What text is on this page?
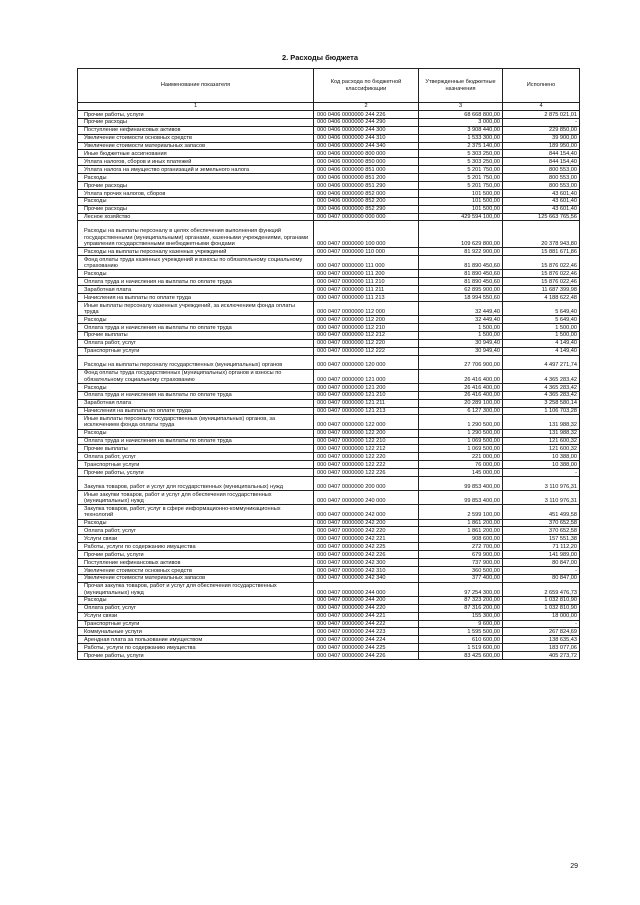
2. Расходы бюджета
Наименование показателя	Код расхода по бюджетной классификации	Утвержденные бюджетные назначения	Исполнено
1	2	3	4
Прочие работы, услуги	000 0406 0000000 244 226	68 668 800,00	2 875 021,01
Прочие расходы	000 0406 0000000 244 290	3 000,00	-
Поступление нефинансовых активов	000 0406 0000000 244 300	3 908 440,00	229 850,00
Увеличение стоимости основных средств	000 0406 0000000 244 310	1 533 300,00	39 900,00
Увеличение стоимости материальных запасов	000 0406 0000000 244 340	2 375 140,00	189 950,00
Иные бюджетные ассигнования	000 0406 0000000 800 000	5 303 250,00	844 154,40
Уплата налогов, сборов и иных платежей	000 0406 0000000 850 000	5 303 250,00	844 154,40
Уплата налога на имущество организаций и земельного налога	000 0406 0000000 851 000	5 201 750,00	800 553,00
Расходы	000 0406 0000000 851 200	5 201 750,00	800 553,00
Прочие расходы	000 0406 0000000 851 290	5 201 750,00	800 553,00
Уплата прочих налогов, сборов	000 0406 0000000 852 000	101 500,00	43 601,40
Расходы	000 0406 0000000 852 200	101 500,00	43 601,40
Прочие расходы	000 0406 0000000 852 290	101 500,00	43 601,40
Лесное хозяйство	000 0407 0000000 000 000	429 594 100,00	125 663 765,56
Расходы на выплаты персоналу в целях обеспечения выполнения функций государственными (муниципальными) органами, казенными учреждениями, органами управления государственными внебюджетными фондами	000 0407 0000000 100 000	109 629 800,00	20 378 943,80
Расходы на выплаты персоналу казенных учреждений	000 0407 0000000 110 000	81 922 900,00	15 881 671,86
Фонд оплаты труда казенных учреждений и взносы по обязательному социальному страхованию	000 0407 0000000 111 000	81 890 450,60	15 876 022,46
Расходы	000 0407 0000000 111 200	81 890 450,60	15 876 022,46
Оплата труда и начисления на выплаты по оплате труда	000 0407 0000000 111 210	81 890 450,60	15 876 022,46
Заработная плата	000 0407 0000000 111 211	62 895 900,00	11 687 399,98
Начисления на выплаты по оплате труда	000 0407 0000000 111 213	18 994 550,60	4 188 622,48
Иные выплаты персоналу казенных учреждений, за исключением фонда оплаты труда	000 0407 0000000 112 000	32 449,40	5 649,40
Расходы	000 0407 0000000 112 200	32 449,40	5 649,40
Оплата труда и начисления на выплаты по оплате труда	000 0407 0000000 112 210	1 500,00	1 500,00
Прочие выплаты	000 0407 0000000 112 212	1 500,00	1 500,00
Оплата работ, услуг	000 0407 0000000 112 220	30 949,40	4 149,40
Транспортные услуги	000 0407 0000000 112 222	30 949,40	4 149,40
Расходы на выплаты персоналу государственных (муниципальных) органов	000 0407 0000000 120 000	27 706 900,00	4 497 271,74
Фонд оплаты труда государственных (муниципальных) органов и взносы по обязательному социальному страхованию	000 0407 0000000 121 000	26 416 400,00	4 365 283,42
Расходы	000 0407 0000000 121 200	26 416 400,00	4 365 283,42
Оплата труда и начисления на выплаты по оплате труда	000 0407 0000000 121 210	26 416 400,00	4 365 283,42
Заработная плата	000 0407 0000000 121 211	20 289 100,00	3 258 580,14
Начисления на выплаты по оплате труда	000 0407 0000000 121 213	6 127 300,00	1 106 703,28
Иные выплаты персоналу государственных (муниципальных) органов, за исключением фонда оплаты труда	000 0407 0000000 122 000	1 290 500,00	131 988,32
Расходы	000 0407 0000000 122 200	1 290 500,00	131 988,32
Оплата труда и начисления на выплаты по оплате труда	000 0407 0000000 122 210	1 069 500,00	121 600,32
Прочие выплаты	000 0407 0000000 122 212	1 069 500,00	121 600,32
Оплата работ, услуг	000 0407 0000000 122 220	221 000,00	10 388,00
Транспортные услуги	000 0407 0000000 122 222	76 000,00	10 388,00
Прочие работы, услуги	000 0407 0000000 122 226	145 000,00	-
Закупка товаров, работ и услуг для государственных (муниципальных) нужд	000 0407 0000000 200 000	99 853 400,00	3 110 976,31
Иные закупки товаров, работ и услуг для обеспечения государственных (муниципальных) нужд	000 0407 0000000 240 000	99 853 400,00	3 110 976,31
Закупка товаров, работ, услуг в сфере информационно-коммуникационных технологий	000 0407 0000000 242 000	2 599 100,00	451 499,58
Расходы	000 0407 0000000 242 200	1 861 200,00	370 652,58
Оплата работ, услуг	000 0407 0000000 242 220	1 861 200,00	370 652,58
Услуги связи	000 0407 0000000 242 221	908 600,00	157 551,38
Работы, услуги по содержанию имущества	000 0407 0000000 242 225	272 700,00	71 112,20
Прочие работы, услуги	000 0407 0000000 242 226	679 900,00	141 989,00
Поступление нефинансовых активов	000 0407 0000000 242 300	737 900,00	80 847,00
Увеличение стоимости основных средств	000 0407 0000000 242 310	360 500,00	-
Увеличение стоимости материальных запасов	000 0407 0000000 242 340	377 400,00	80 847,00
Прочая закупка товаров, работ и услуг для обеспечения государственных (муниципальных) нужд	000 0407 0000000 244 000	97 254 300,00	2 659 476,73
Расходы	000 0407 0000000 244 200	87 323 200,00	1 032 810,90
Оплата работ, услуг	000 0407 0000000 244 220	87 316 200,00	1 032 810,90
Услуги связи	000 0407 0000000 244 221	155 300,00	18 000,00
Транспортные услуги	000 0407 0000000 244 222	9 600,00	-
Коммунальные услуги	000 0407 0000000 244 223	1 595 500,00	267 824,69
Арендная плата за пользование имуществом	000 0407 0000000 244 224	610 600,00	138 635,43
Работы, услуги по содержанию имущества	000 0407 0000000 244 225	1 519 600,00	183 077,06
Прочие работы, услуги	000 0407 0000000 244 226	83 425 600,00	405 273,72
29
